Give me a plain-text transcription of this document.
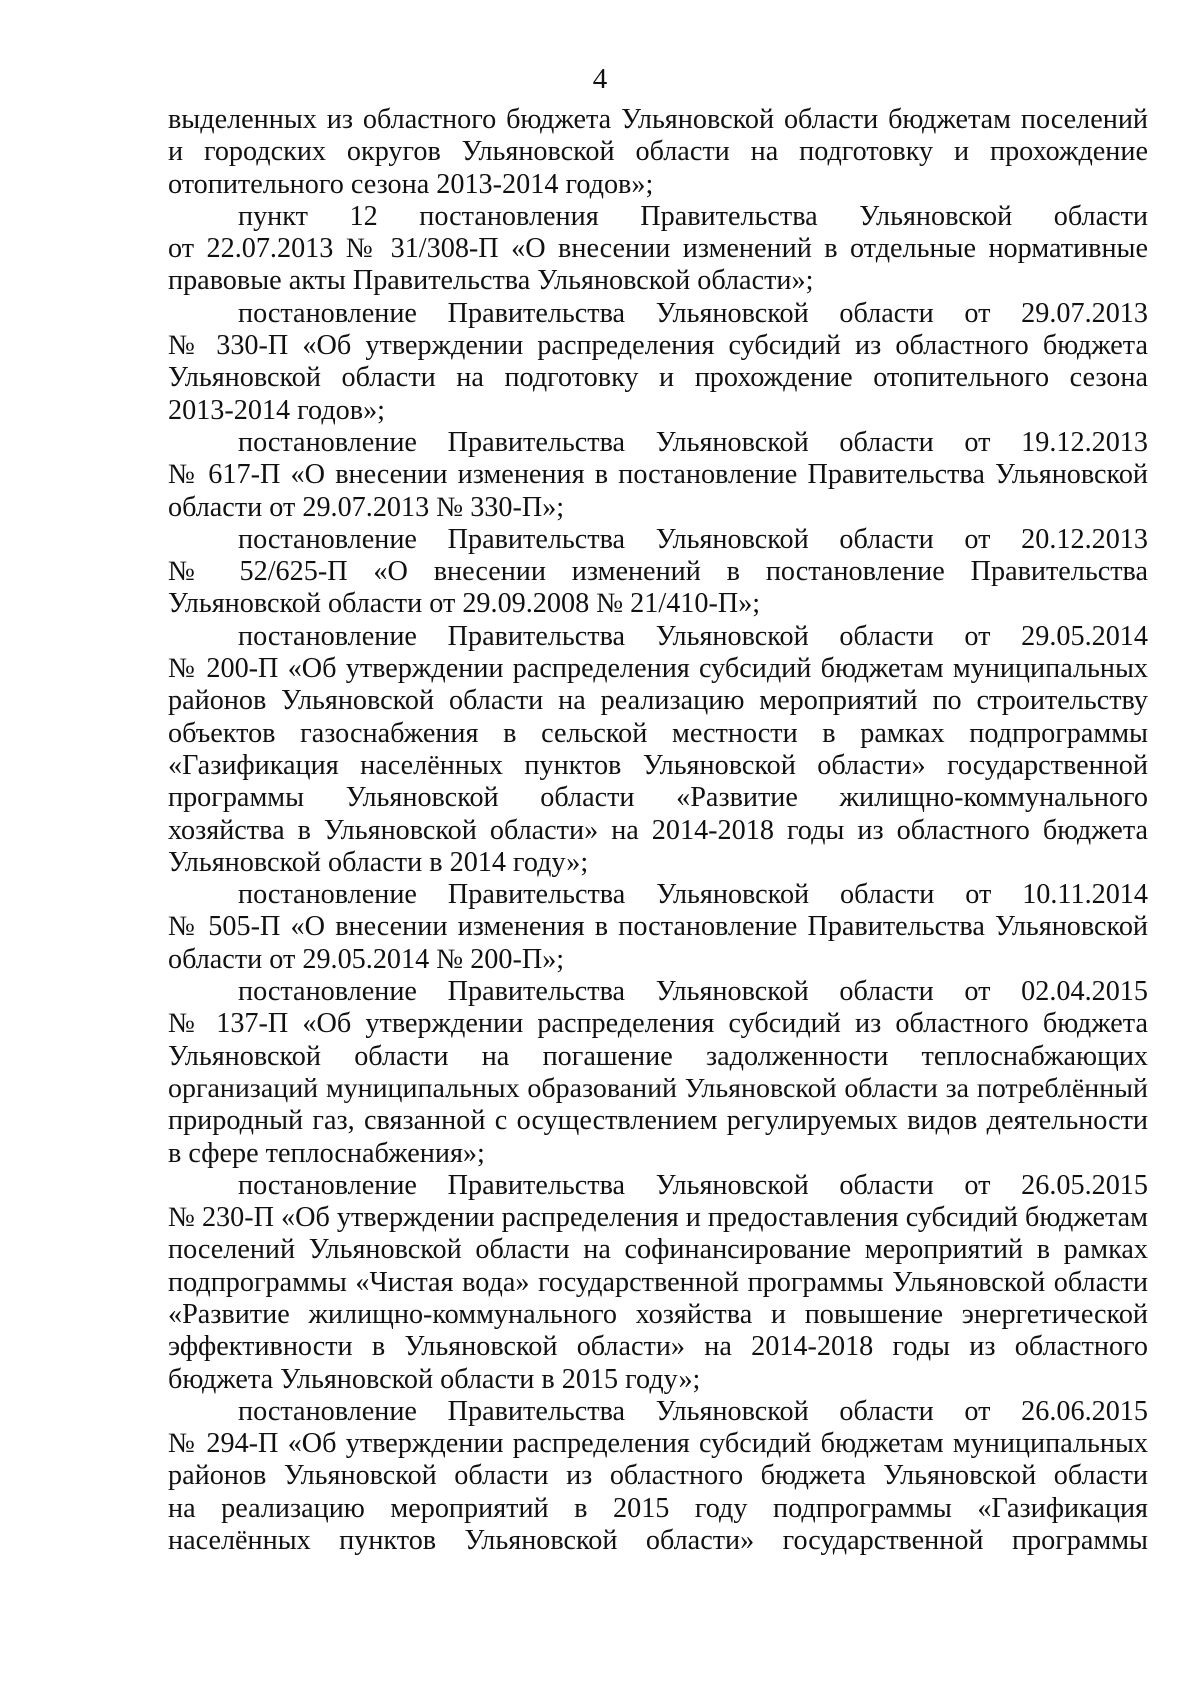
4
выделенных из областного бюджета Ульяновской области бюджетам поселений
и городских округов Ульяновской области на подготовку и прохождение
отопительного сезона 2013-2014 годов»;
пункт 12 постановления Правительства Ульяновской области
от 22.07.2013 № 31/308-П «О внесении изменений в отдельные нормативные
правовые акты Правительства Ульяновской области»;
постановление Правительства Ульяновской области от 29.07.2013
№ 330-П «Об утверждении распределения субсидий из областного бюджета
Ульяновской области на подготовку и прохождение отопительного сезона
2013-2014 годов»;
постановление Правительства Ульяновской области от 19.12.2013
№ 617-П «О внесении изменения в постановление Правительства Ульяновской
области от 29.07.2013 № 330-П»;
постановление Правительства Ульяновской области от 20.12.2013
№ 52/625-П «О внесении изменений в постановление Правительства
Ульяновской области от 29.09.2008 № 21/410-П»;
постановление Правительства Ульяновской области от 29.05.2014
№ 200-П «Об утверждении распределения субсидий бюджетам муниципальных
районов Ульяновской области на реализацию мероприятий по строительству
объектов газоснабжения в сельской местности в рамках подпрограммы
«Газификация населённых пунктов Ульяновской области» государственной
программы Ульяновской области «Развитие жилищно-коммунального
хозяйства в Ульяновской области» на 2014-2018 годы из областного бюджета
Ульяновской области в 2014 году»;
постановление Правительства Ульяновской области от 10.11.2014
№ 505-П «О внесении изменения в постановление Правительства Ульяновской
области от 29.05.2014 № 200-П»;
постановление Правительства Ульяновской области от 02.04.2015
№ 137-П «Об утверждении распределения субсидий из областного бюджета
Ульяновской области на погашение задолженности теплоснабжающих
организаций муниципальных образований Ульяновской области за потреблённый
природный газ, связанной с осуществлением регулируемых видов деятельности
в сфере теплоснабжения»;
постановление Правительства Ульяновской области от 26.05.2015
№ 230-П «Об утверждении распределения и предоставления субсидий бюджетам
поселений Ульяновской области на софинансирование мероприятий в рамках
подпрограммы «Чистая вода» государственной программы Ульяновской области
«Развитие жилищно-коммунального хозяйства и повышение энергетической
эффективности в Ульяновской области» на 2014-2018 годы из областного
бюджета Ульяновской области в 2015 году»;
постановление Правительства Ульяновской области от 26.06.2015
№ 294-П «Об утверждении распределения субсидий бюджетам муниципальных
районов Ульяновской области из областного бюджета Ульяновской области
на реализацию мероприятий в 2015 году подпрограммы «Газификация
населённых пунктов Ульяновской области» государственной программы
